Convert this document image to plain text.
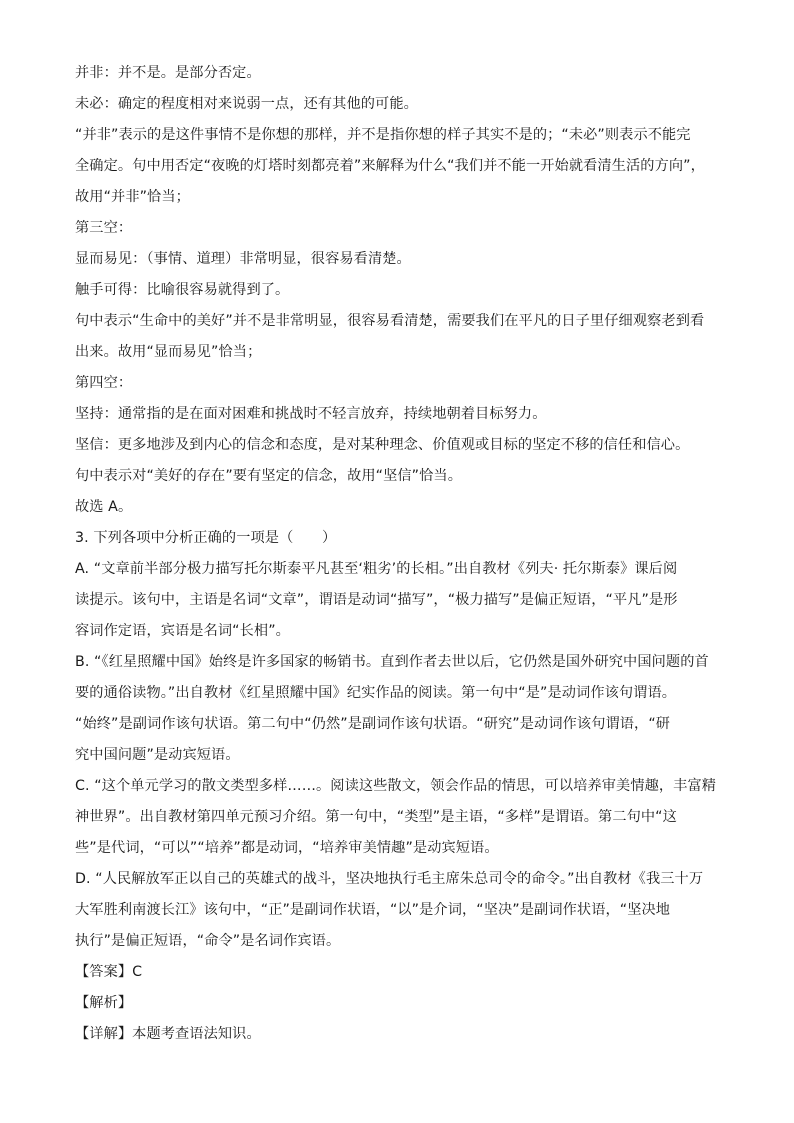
并非：并不是。是部分否定。
未必：确定的程度相对来说弱一点，还有其他的可能。
“并非”表示的是这件事情不是你想的那样，并不是指你想的样子其实不是的；“未必”则表示不能完
全确定。句中用否定“夜晚的灯塔时刻都亮着”来解释为什么“我们并不能一开始就看清生活的方向”，
故用“并非”恰当；
第三空：
显而易见：（事情、道理）非常明显，很容易看清楚。
触手可得：比喻很容易就得到了。
句中表示“生命中的美好”并不是非常明显，很容易看清楚，需要我们在平凡的日子里仔细观察老到看
出来。故用“显而易见”恰当；
第四空：
坚持：通常指的是在面对困难和挑战时不轻言放弃，持续地朝着目标努力。
坚信：更多地涉及到内心的信念和态度，是对某种理念、价值观或目标的坚定不移的信任和信心。
句中表示对“美好的存在”要有坚定的信念，故用“坚信”恰当。
故选 A。
3. 下列各项中分析正确的一项是（　　）
A. “文章前半部分极力描写托尔斯泰平凡甚至‘粗劣’的长相。”出自教材《列夫· 托尔斯泰》课后阅
读提示。该句中，主语是名词“文章”，谓语是动词“描写”，“极力描写”是偏正短语，“平凡”是形
容词作定语，宾语是名词“长相”。
B. “《红星照耀中国》始终是许多国家的畅销书。直到作者去世以后，它仍然是国外研究中国问题的首
要的通俗读物。”出自教材《红星照耀中国》纪实作品的阅读。第一句中“是”是动词作该句谓语。
“始终”是副词作该句状语。第二句中“仍然”是副词作该句状语。“研究”是动词作该句谓语，“研
究中国问题”是动宾短语。
C. “这个单元学习的散文类型多样……。阅读这些散文，领会作品的情思，可以培养审美情趣，丰富精
神世界”。出自教材第四单元预习介绍。第一句中，“类型”是主语，“多样”是谓语。第二句中“这
些”是代词，“可以”“培养”都是动词，“培养审美情趣”是动宾短语。
D. “人民解放军正以自己的英雄式的战斗，坚决地执行毛主席朱总司令的命令。”出自教材《我三十万
大军胜利南渡长江》该句中，“正”是副词作状语，“以”是介词，“坚决”是副词作状语，“坚决地
执行”是偏正短语，“命令”是名词作宾语。
【答案】C
【解析】
【详解】本题考查语法知识。
